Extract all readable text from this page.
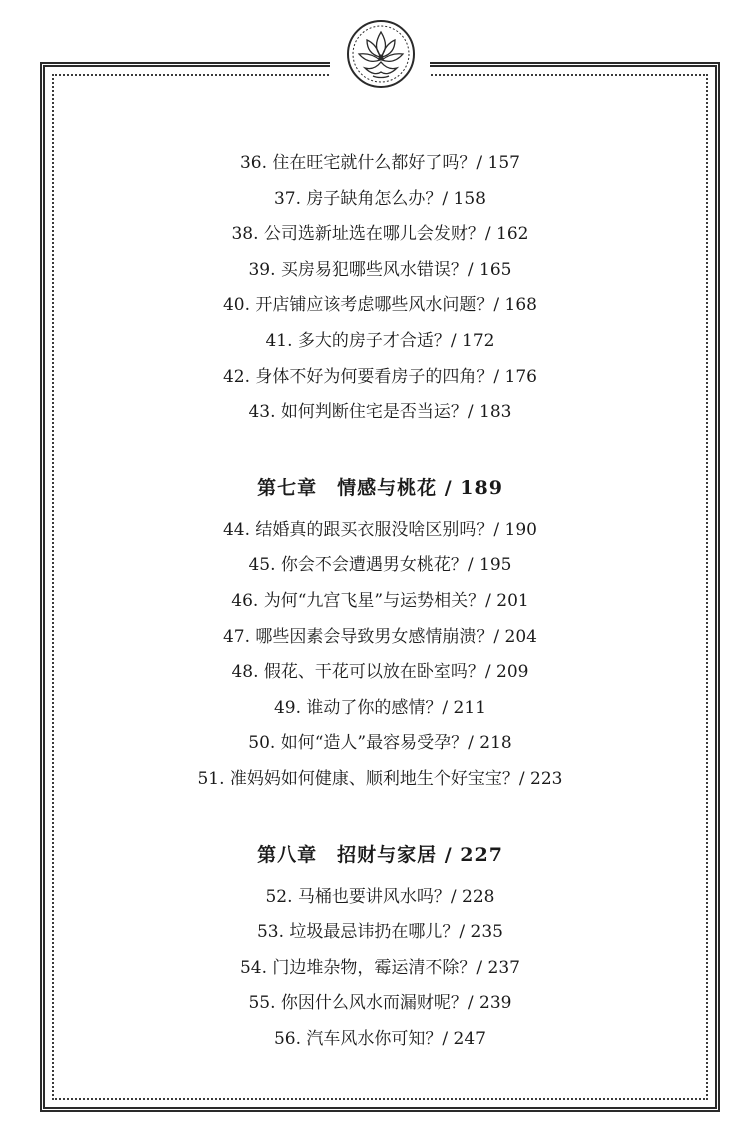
36. 住在旺宅就什么都好了吗？/ 157
37. 房子缺角怎么办？/ 158
38. 公司选新址选在哪儿会发财？/ 162
39. 买房易犯哪些风水错误？/ 165
40. 开店铺应该考虑哪些风水问题？/ 168
41. 多大的房子才合适？/ 172
42. 身体不好为何要看房子的四角？/ 176
43. 如何判断住宅是否当运？/ 183
第七章　情感与桃花 / 189
44. 结婚真的跟买衣服没啥区别吗？/ 190
45. 你会不会遭遇男女桃花？/ 195
46. 为何“九宫飞星”与运势相关？/ 201
47. 哪些因素会导致男女感情崩溃？/ 204
48. 假花、干花可以放在卧室吗？/ 209
49. 谁动了你的感情？/ 211
50. 如何“造人”最容易受孕？/ 218
51. 准妈妈如何健康、顺利地生个好宝宝？/ 223
第八章　招财与家居 / 227
52. 马桶也要讲风水吗？/ 228
53. 垃圾最忌讳扔在哪儿？/ 235
54. 门边堆杂物，霉运清不除？/ 237
55. 你因什么风水而漏财呢？/ 239
56. 汽车风水你可知？/ 247
